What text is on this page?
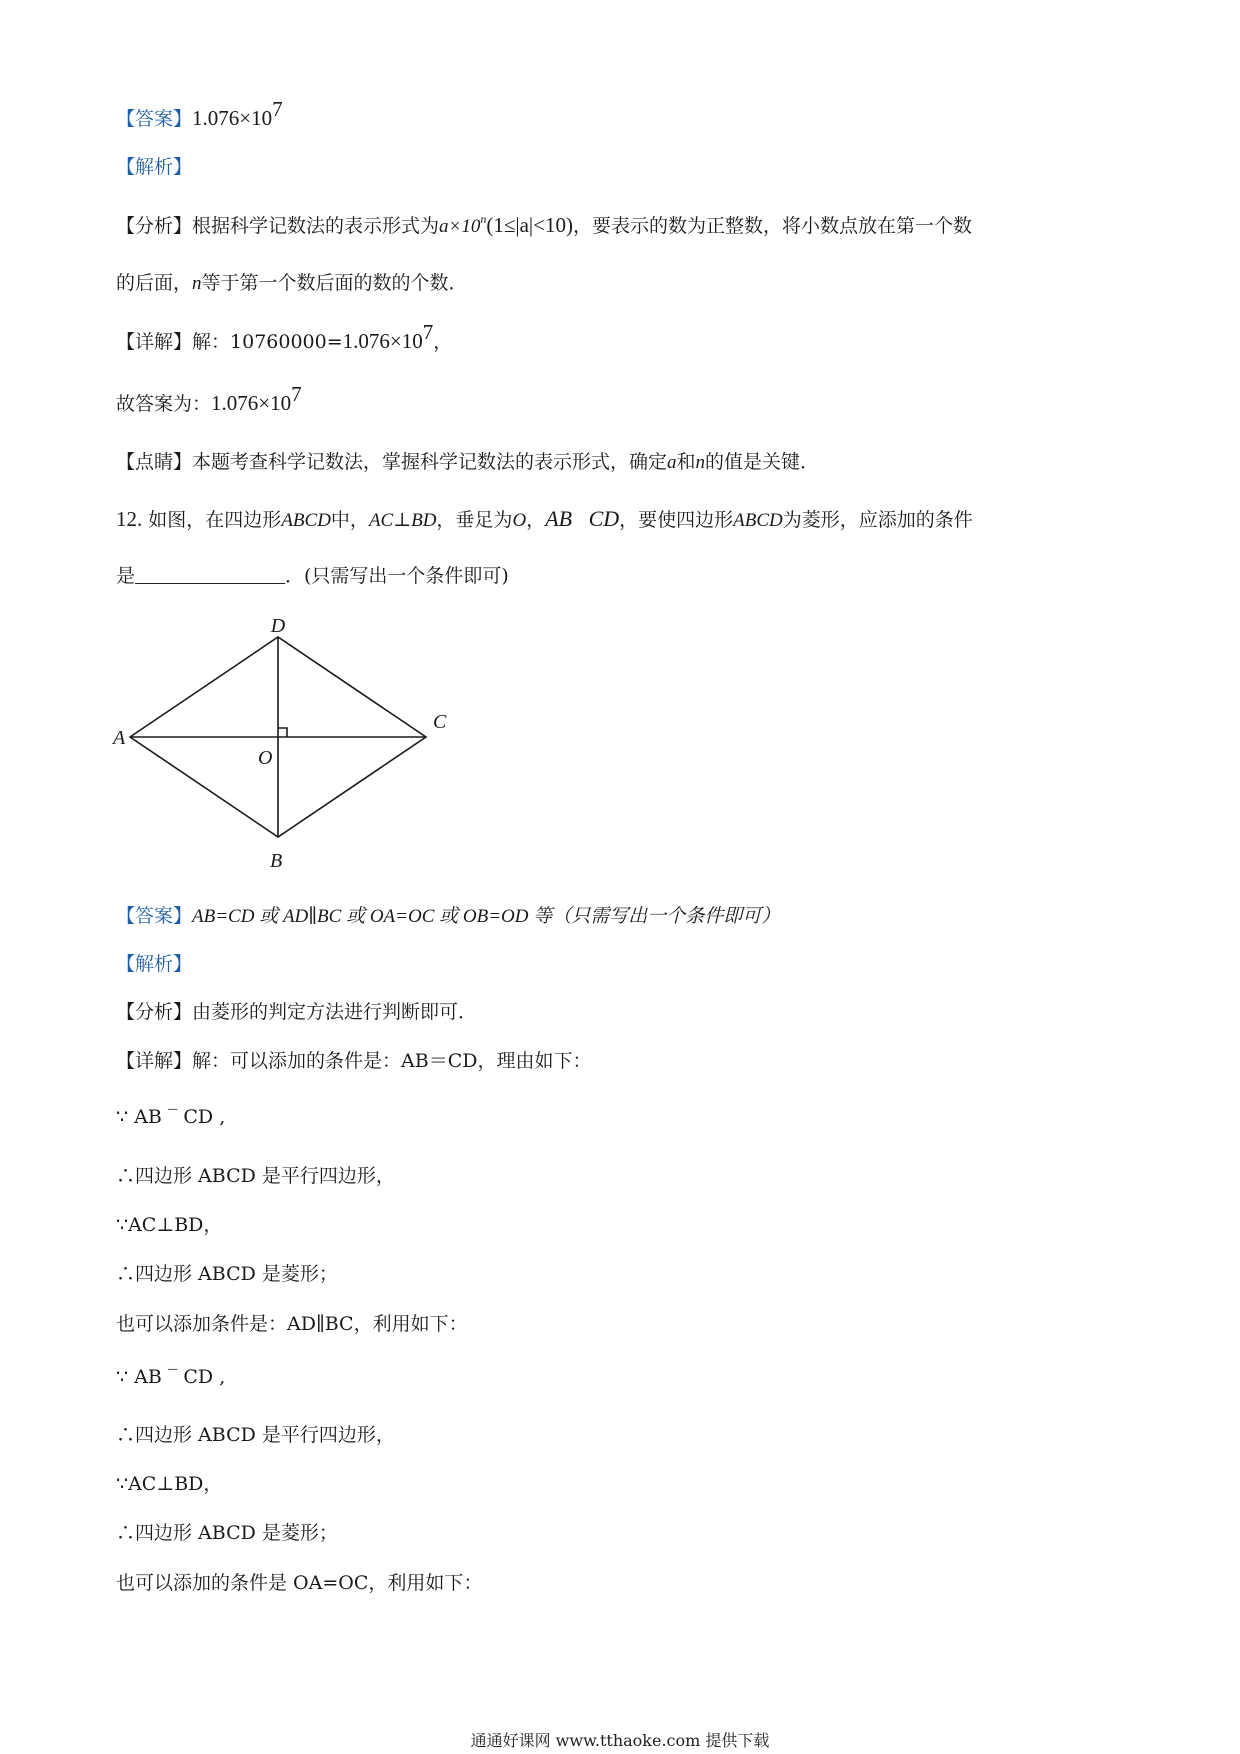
【答案】$1.076\times 10^7$
【解析】
【分析】根据科学记数法的表示形式为$a\times 10^n(1\le|a|<10)$，要表示的数为正整数，将小数点放在第一个数
的后面，n等于第一个数后面的数的个数．
【详解】解：$10760000=1.076\times 10^7$，
故答案为：$1.076\times 10^7$
【点睛】本题考查科学记数法，掌握科学记数法的表示形式，确定a和n的值是关键．
12. 如图，在四边形ABCD中，AC⊥BD，垂足为O，AB   CD，要使四边形ABCD为菱形，应添加的条件
是	．(只需写出一个条件即可)
D
A
C
O
B
【答案】AB=CD 或 AD∥BC 或 OA=OC 或 OB=OD 等（只需写出一个条件即可）
【解析】
【分析】由菱形的判定方法进行判断即可．
【详解】解：可以添加的条件是：AB＝CD，理由如下：
∵ AB ‾ CD ,
∴四边形 ABCD 是平行四边形，
∵AC⊥BD，
∴四边形 ABCD 是菱形；
也可以添加条件是：AD∥BC，利用如下：
∵ AB ‾ CD ,
∴四边形 ABCD 是平行四边形，
∵AC⊥BD，
∴四边形 ABCD 是菱形；
也可以添加的条件是 OA=OC，利用如下：
通通好课网 www.tthaoke.com 提供下载
